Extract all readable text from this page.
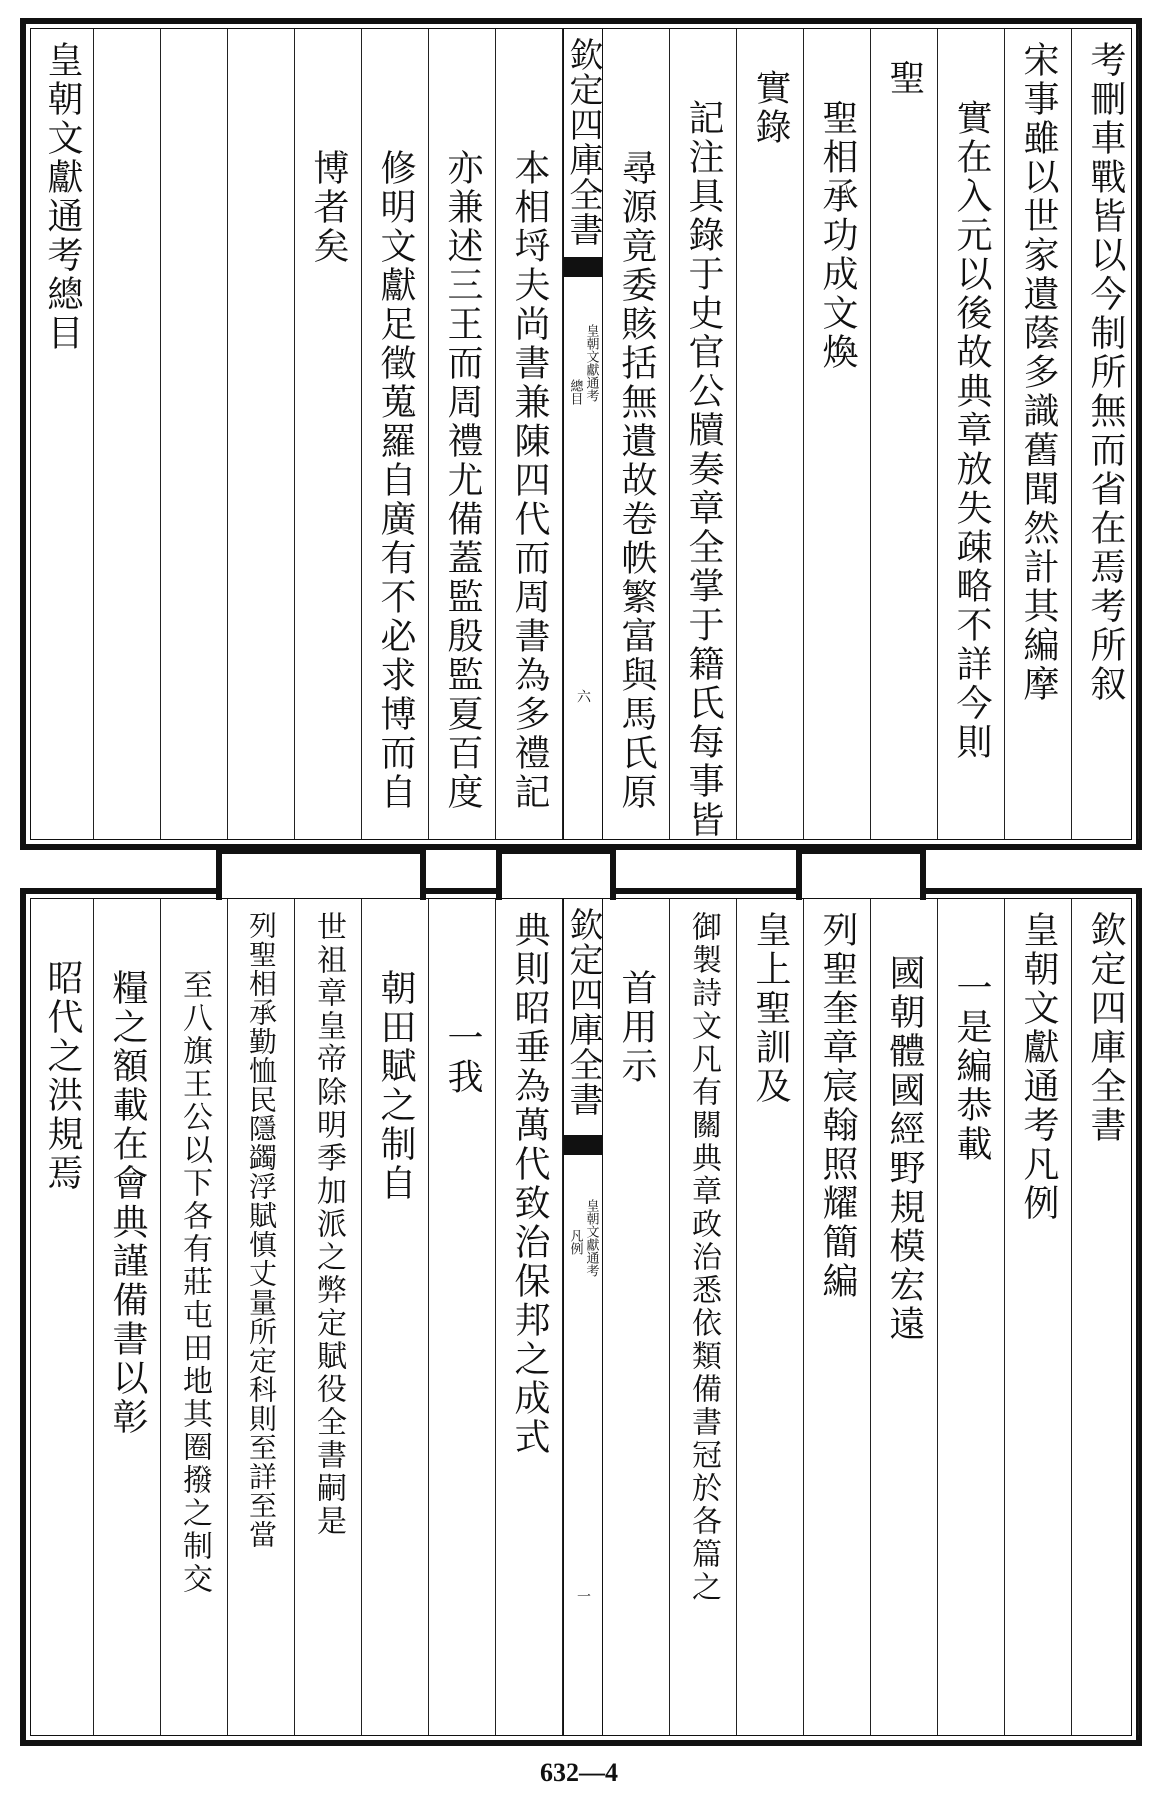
考刪車戰皆以今制所無而省在焉考所叙
宋事雖以世家遺蔭多識舊聞然計其編摩
實在入元以後故典章放失疎略不詳今則
聖
聖相承功成文煥
實錄
記注具錄于史官公牘奏章全掌于籍氏每事皆
尋源竟委賅括無遺故卷帙繁富與馬氏原
欽定四庫全書
皇朝文獻通考
總目
六
本相埒夫尚書兼陳四代而周書為多禮記
亦兼述三王而周禮尤備蓋監殷監夏百度
修明文獻足徵蒐羅自廣有不必求博而自
博者矣
皇朝文獻通考總目
欽定四庫全書
皇朝文獻通考凡例
一是編恭載
國朝體國經野規模宏遠
列聖奎章宸翰照耀簡編
皇上聖訓及
御製詩文凡有關典章政治悉依類備書冠於各篇之
首用示
欽定四庫全書
皇朝文獻通考
凡例
一
典則昭垂為萬代致治保邦之成式
一我
朝田賦之制自
世祖章皇帝除明季加派之弊定賦役全書嗣是
列聖相承勤恤民隱蠲浮賦慎丈量所定科則至詳至當
至八旗王公以下各有莊屯田地其圈撥之制交
糧之額載在會典謹備書以彰
昭代之洪規焉
632—4
